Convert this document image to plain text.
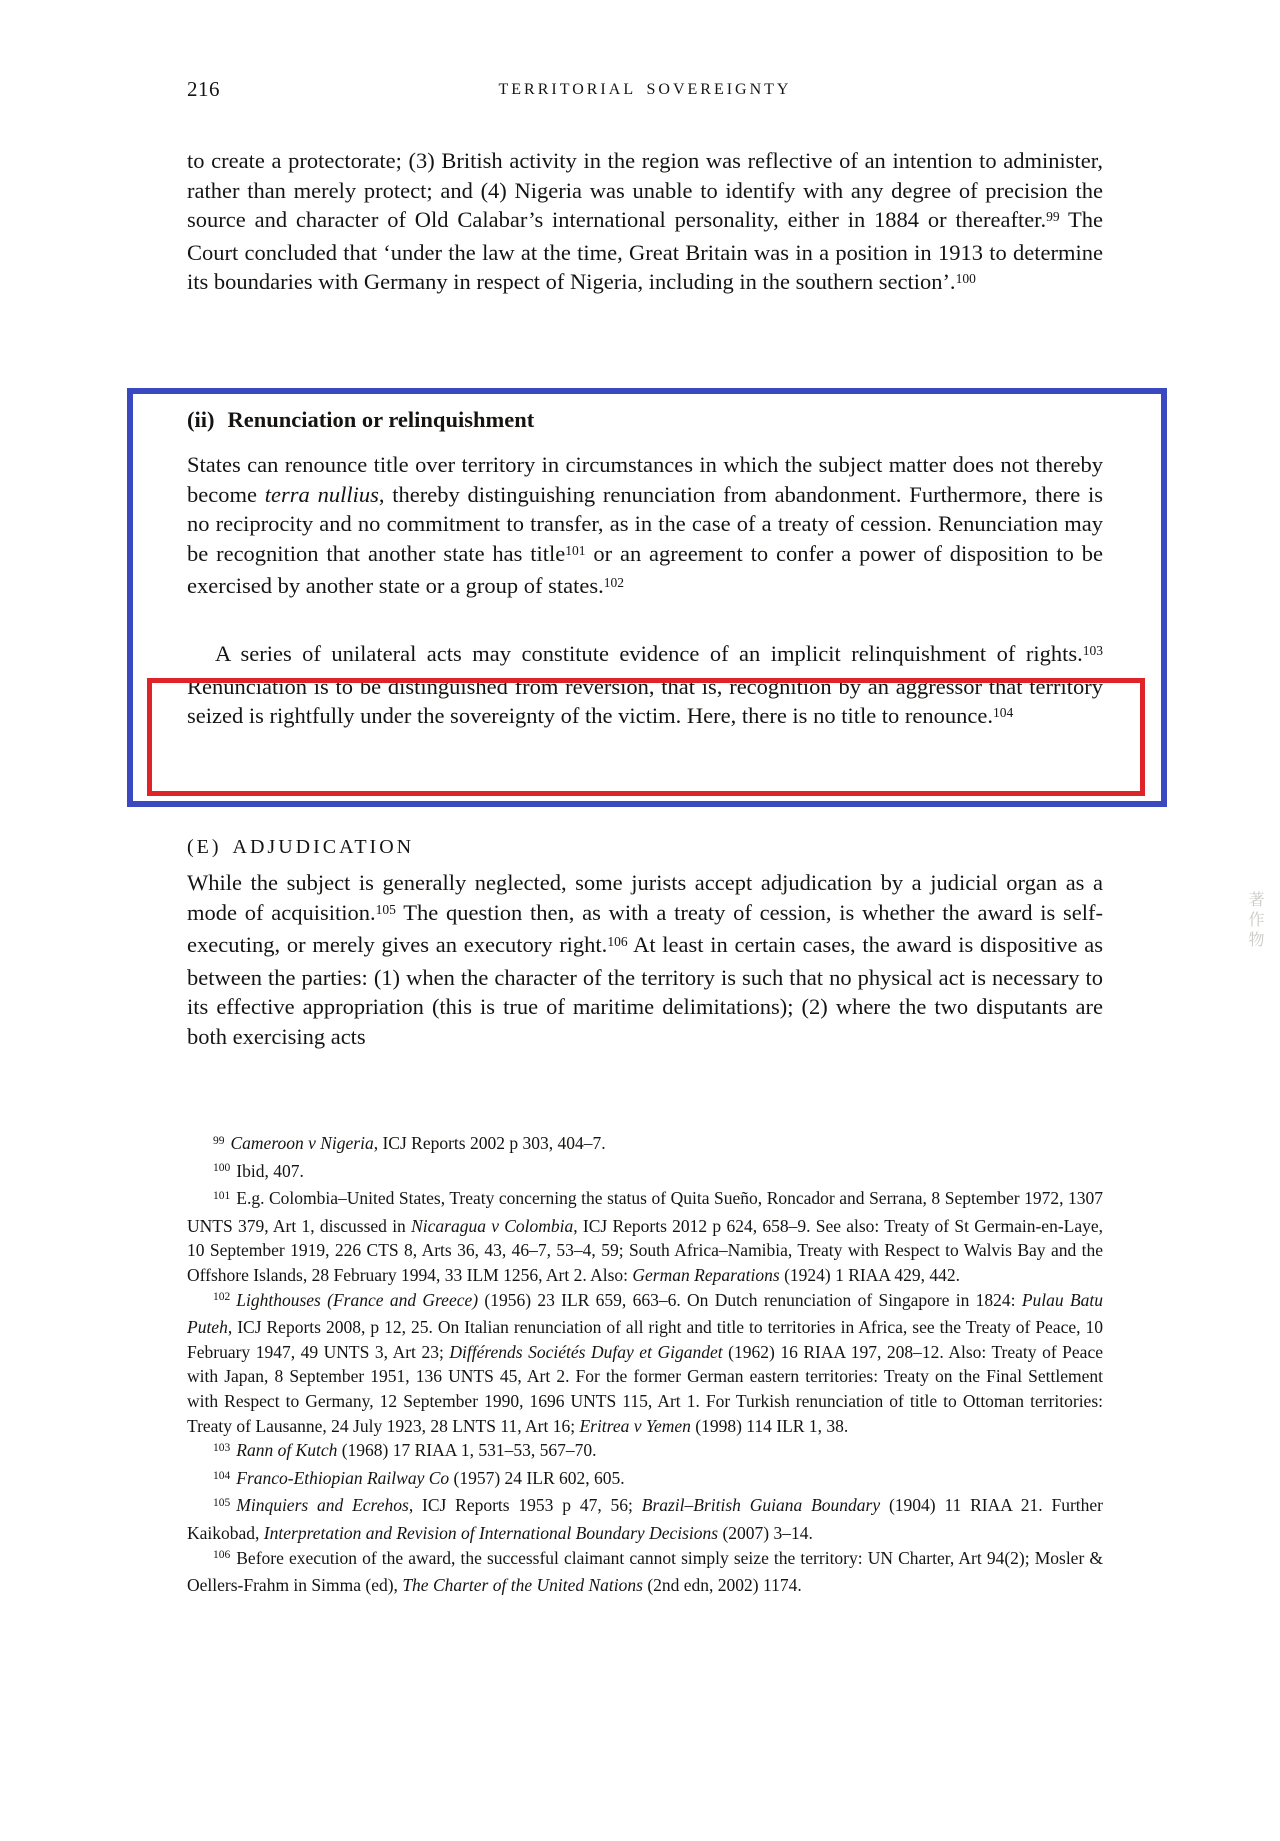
216	TERRITORIAL SOVEREIGNTY

to create a protectorate; (3) British activity in the region was reflective of an intention to administer, rather than merely protect; and (4) Nigeria was unable to identify with any degree of precision the source and character of Old Calabar’s international personality, either in 1884 or thereafter.$^{99}$ The Court concluded that ‘under the law at the time, Great Britain was in a position in 1913 to determine its boundaries with Germany in respect of Nigeria, including in the southern section’.$^{100}$

(ii) Renunciation or relinquishment

States can renounce title over territory in circumstances in which the subject matter does not thereby become terra nullius, thereby distinguishing renunciation from abandonment. Furthermore, there is no reciprocity and no commitment to transfer, as in the case of a treaty of cession. Renunciation may be recognition that another state has title$^{101}$ or an agreement to confer a power of disposition to be exercised by another state or a group of states.$^{102}$

A series of unilateral acts may constitute evidence of an implicit relinquishment of rights.$^{103}$ Renunciation is to be distinguished from reversion, that is, recognition by an aggressor that territory seized is rightfully under the sovereignty of the victim. Here, there is no title to renounce.$^{104}$

(E) ADJUDICATION

While the subject is generally neglected, some jurists accept adjudication by a judicial organ as a mode of acquisition.$^{105}$ The question then, as with a treaty of cession, is whether the award is self-executing, or merely gives an executory right.$^{106}$ At least in certain cases, the award is dispositive as between the parties: (1) when the character of the territory is such that no physical act is necessary to its effective appropriation (this is true of maritime delimitations); (2) where the two disputants are both exercising acts

$^{99}$ Cameroon v Nigeria, ICJ Reports 2002 p 303, 404–7.

$^{100}$ Ibid, 407.

$^{101}$ E.g. Colombia–United States, Treaty concerning the status of Quita Sueño, Roncador and Serrana, 8 September 1972, 1307 UNTS 379, Art 1, discussed in Nicaragua v Colombia, ICJ Reports 2012 p 624, 658–9. See also: Treaty of St Germain-en-Laye, 10 September 1919, 226 CTS 8, Arts 36, 43, 46–7, 53–4, 59; South Africa–Namibia, Treaty with Respect to Walvis Bay and the Offshore Islands, 28 February 1994, 33 ILM 1256, Art 2. Also: German Reparations (1924) 1 RIAA 429, 442.

$^{102}$ Lighthouses (France and Greece) (1956) 23 ILR 659, 663–6. On Dutch renunciation of Singapore in 1824: Pulau Batu Puteh, ICJ Reports 2008, p 12, 25. On Italian renunciation of all right and title to territories in Africa, see the Treaty of Peace, 10 February 1947, 49 UNTS 3, Art 23; Différends Sociétés Dufay et Gigandet (1962) 16 RIAA 197, 208–12. Also: Treaty of Peace with Japan, 8 September 1951, 136 UNTS 45, Art 2. For the former German eastern territories: Treaty on the Final Settlement with Respect to Germany, 12 September 1990, 1696 UNTS 115, Art 1. For Turkish renunciation of title to Ottoman territories: Treaty of Lausanne, 24 July 1923, 28 LNTS 11, Art 16; Eritrea v Yemen (1998) 114 ILR 1, 38.

$^{103}$ Rann of Kutch (1968) 17 RIAA 1, 531–53, 567–70.

$^{104}$ Franco-Ethiopian Railway Co (1957) 24 ILR 602, 605.

$^{105}$ Minquiers and Ecrehos, ICJ Reports 1953 p 47, 56; Brazil–British Guiana Boundary (1904) 11 RIAA 21. Further Kaikobad, Interpretation and Revision of International Boundary Decisions (2007) 3–14.

$^{106}$ Before execution of the award, the successful claimant cannot simply seize the territory: UN Charter, Art 94(2); Mosler & Oellers-Frahm in Simma (ed), The Charter of the United Nations (2nd edn, 2002) 1174.

著作物
